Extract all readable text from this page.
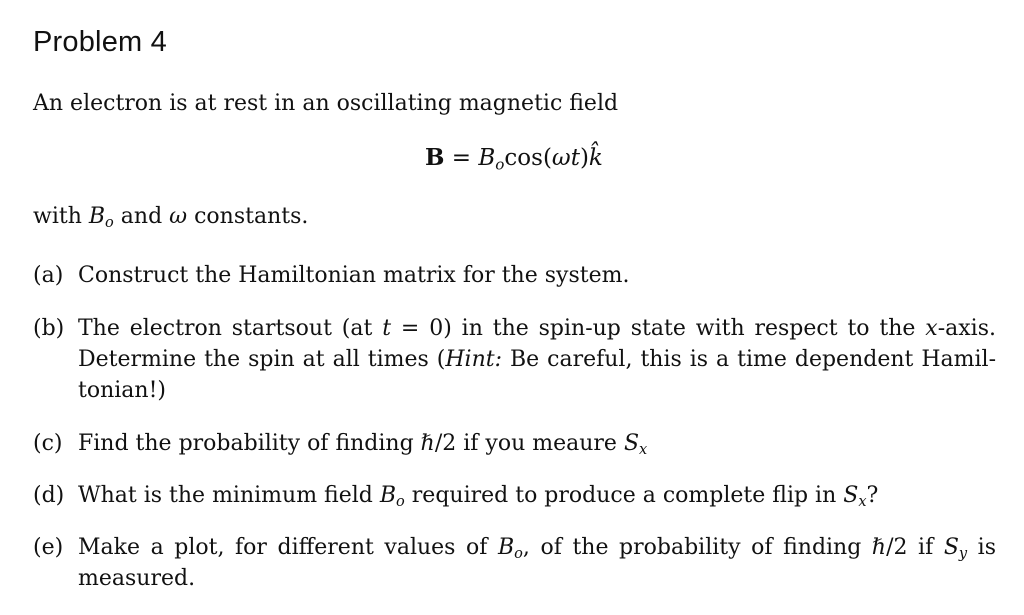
Problem 4
An electron is at rest in an oscillating magnetic field
$B = B_o\cos(\omega t)k̂$
with $B_o$ and ω constants.
(a) Construct the Hamiltonian matrix for the system.
(b) The electron startsout (at t = 0) in the spin-up state with respect to the x-axis.
Determine the spin at all times (Hint: Be careful, this is a time dependent Hamil-
tonian!)
(c) Find the probability of finding ℏ/2 if you meaure $S_x$
(d) What is the minimum field $B_o$ required to produce a complete flip in $S_x$?
(e) Make a plot, for different values of $B_o$, of the probability of finding ℏ/2 if $S_y$ is
measured.
